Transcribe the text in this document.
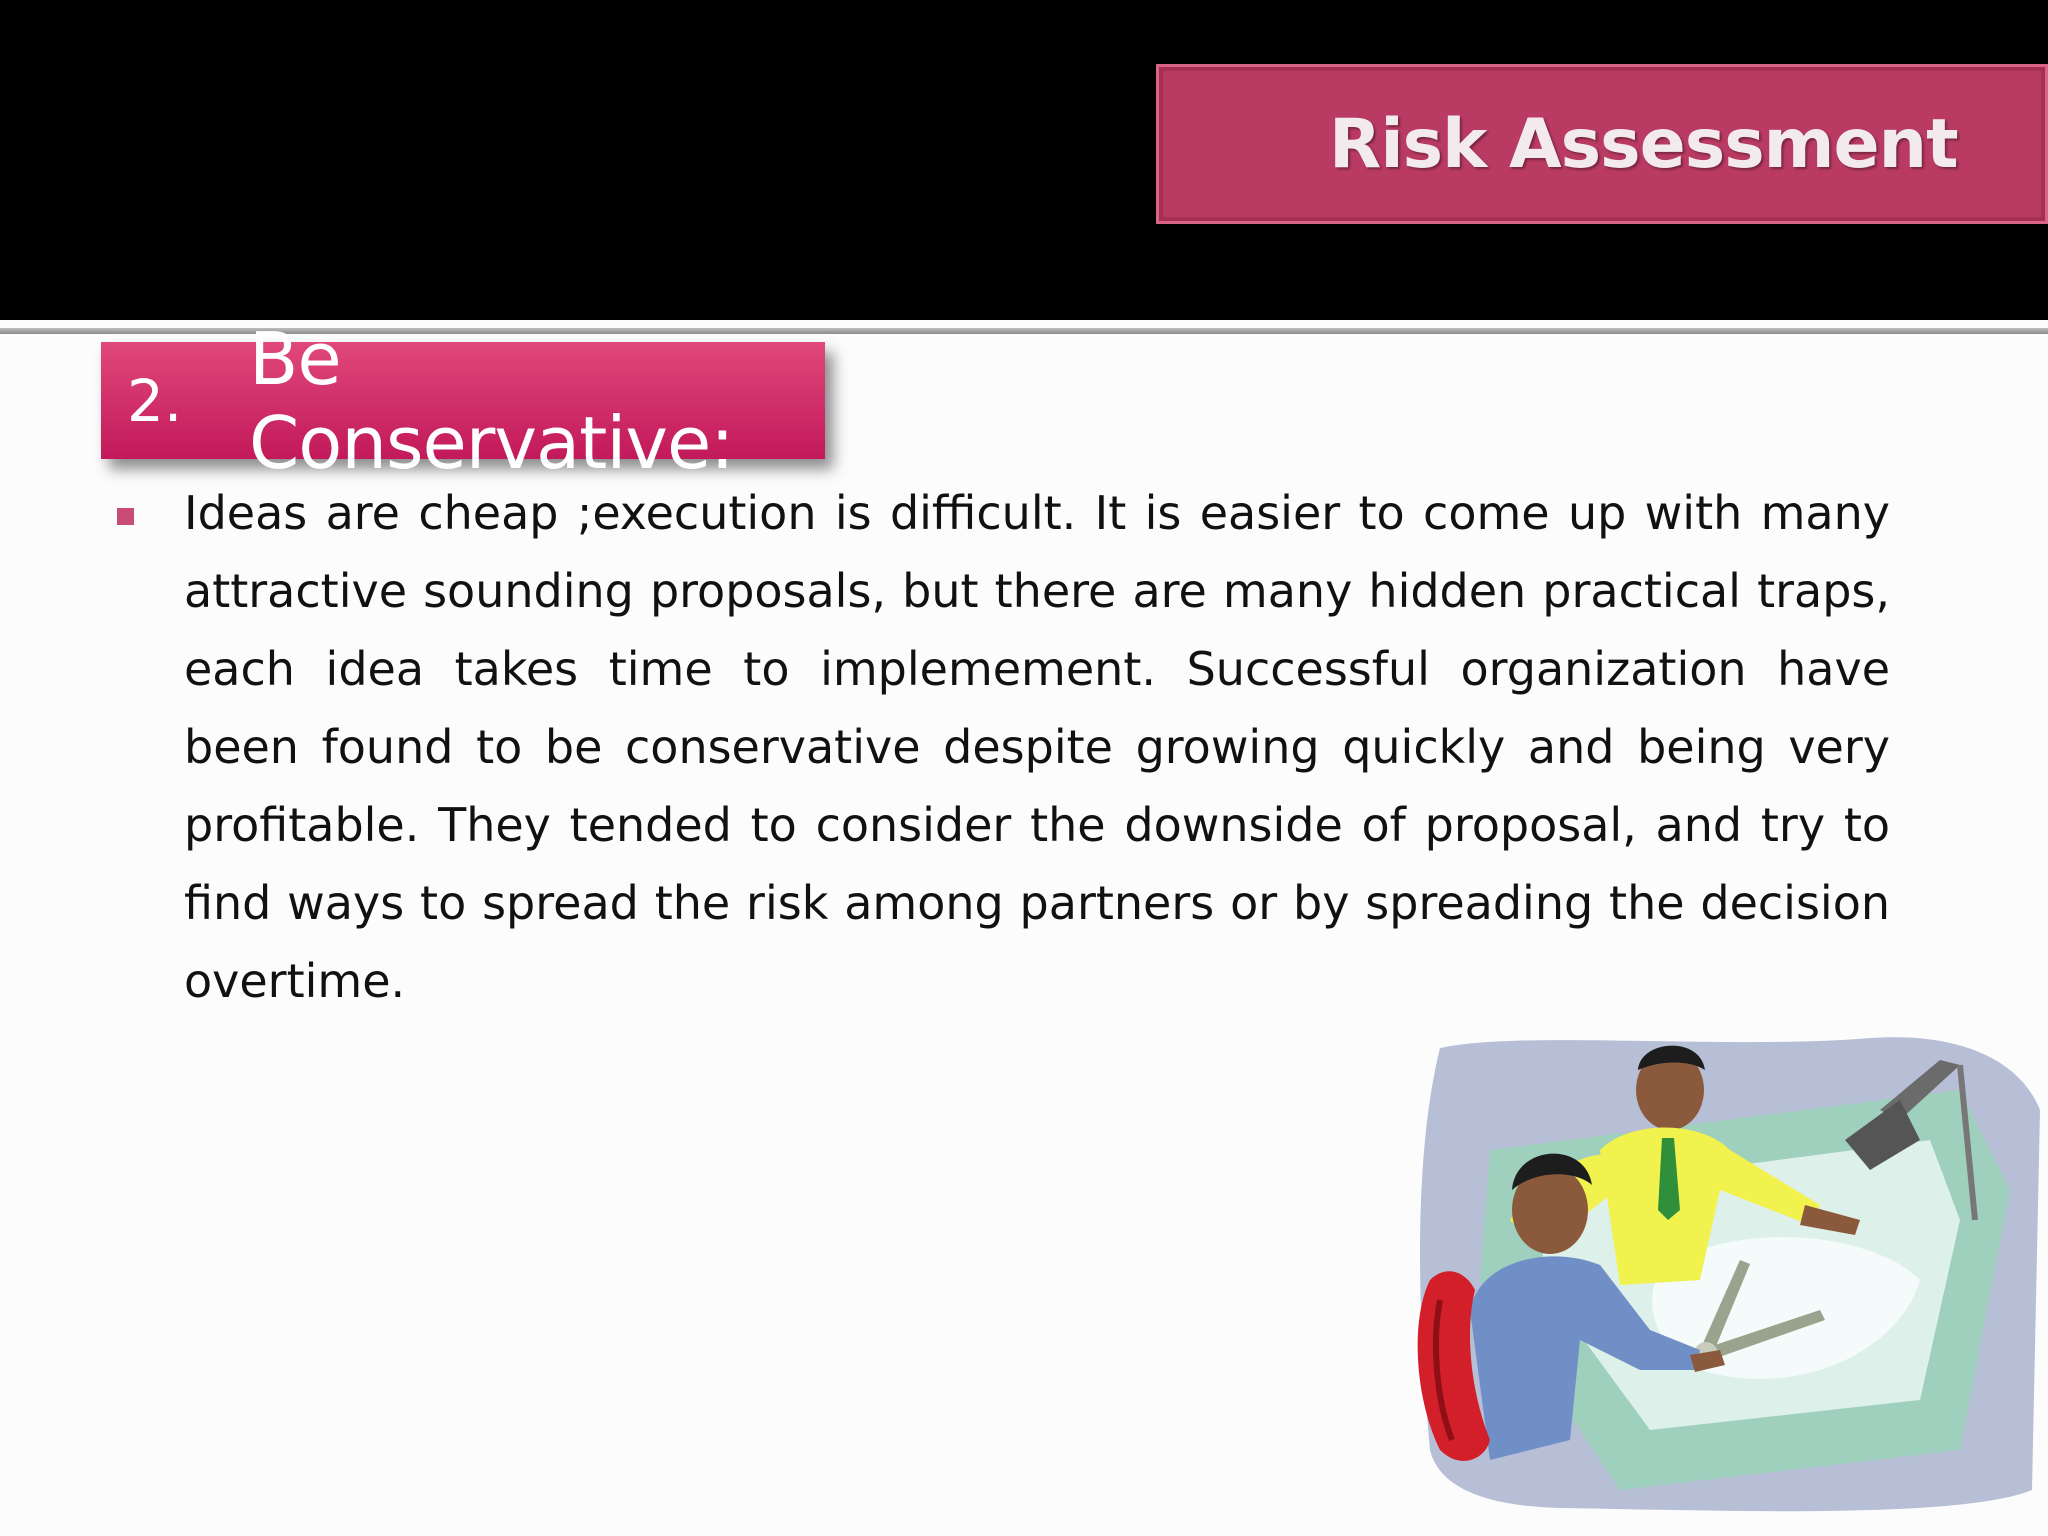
Risk Assessment
2. Be Conservative:

Ideas are cheap ;execution is difficult. It is easier to come up with many attractive sounding proposals, but there are many hidden practical traps, each idea takes time to implemement. Successful organization have been found to be conservative despite growing quickly and being very profitable. They tended to consider the downside of proposal, and try to find ways to spread the risk among partners or by spreading the decision overtime.
